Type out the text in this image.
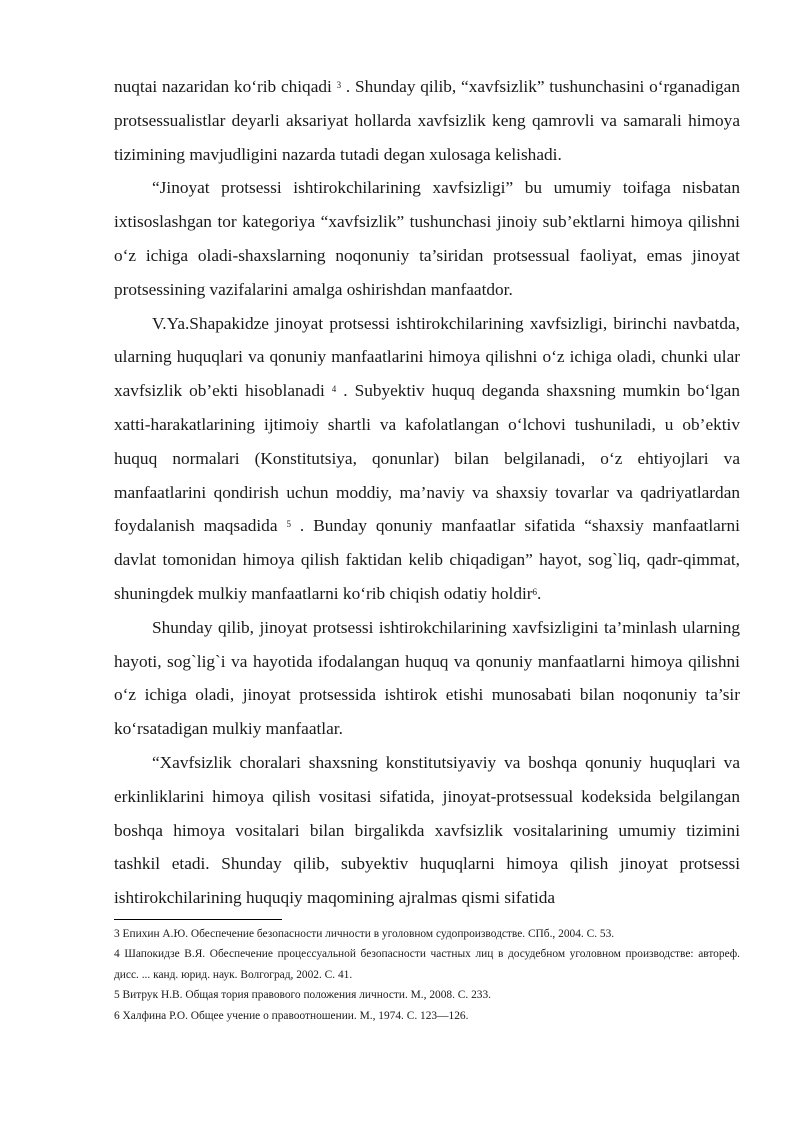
nuqtai nazaridan ko‘rib chiqadi $^3$ . Shunday qilib, “xavfsizlik” tushunchasini o‘rganadigan protsessualistlar deyarli aksariyat hollarda xavfsizlik keng qamrovli va samarali himoya tizimining mavjudligini nazarda tutadi degan xulosaga kelishadi.

“Jinoyat protsessi ishtirokchilarining xavfsizligi” bu umumiy toifaga nisbatan ixtisoslashgan tor kategoriya “xavfsizlik” tushunchasi jinoiy sub’ektlarni himoya qilishni o‘z ichiga oladi-shaxslarning noqonuniy ta’siridan protsessual faoliyat, emas jinoyat protsessining vazifalarini amalga oshirishdan manfaatdor.

V.Ya.Shapakidze jinoyat protsessi ishtirokchilarining xavfsizligi, birinchi navbatda, ularning huquqlari va qonuniy manfaatlarini himoya qilishni o‘z ichiga oladi, chunki ular xavfsizlik ob’ekti hisoblanadi $^4$ . Subyektiv huquq deganda shaxsning mumkin bo‘lgan xatti-harakatlarining ijtimoiy shartli va kafolatlangan o‘lchovi tushuniladi, u ob’ektiv huquq normalari (Konstitutsiya, qonunlar) bilan belgilanadi, o‘z ehtiyojlari va manfaatlarini qondirish uchun moddiy, ma’naviy va shaxsiy tovarlar va qadriyatlardan foydalanish maqsadida $^5$ . Bunday qonuniy manfaatlar sifatida “shaxsiy manfaatlarni davlat tomonidan himoya qilish faktidan kelib chiqadigan” hayot, sog`liq, qadr-qimmat, shuningdek mulkiy manfaatlarni ko‘rib chiqish odatiy holdir$^6$.

Shunday qilib, jinoyat protsessi ishtirokchilarining xavfsizligini ta’minlash ularning hayoti, sog`lig`i va hayotida ifodalangan huquq va qonuniy manfaatlarni himoya qilishni o‘z ichiga oladi, jinoyat protsessida ishtirok etishi munosabati bilan noqonuniy ta’sir ko‘rsatadigan mulkiy manfaatlar.

“Xavfsizlik choralari shaxsning konstitutsiyaviy va boshqa qonuniy huquqlari va erkinliklarini himoya qilish vositasi sifatida, jinoyat-protsessual kodeksida belgilangan boshqa himoya vositalari bilan birgalikda xavfsizlik vositalarining umumiy tizimini tashkil etadi. Shunday qilib, subyektiv huquqlarni himoya qilish jinoyat protsessi ishtirokchilarining huquqiy maqomining ajralmas qismi sifatida

3 Епихин А.Ю. Обеспечение безопасности личности в уголовном судопроизводстве. СПб., 2004. С. 53.

4 Шапокидзе В.Я. Обеспечение процессуальной безопасности частных лиц в досудебном уголовном производстве: автореф. дисс. ... канд. юрид. наук. Волгоград, 2002. С. 41.

5 Витрук Н.В. Общая тория правового положения личности. М., 2008. С. 233.

6 Халфина Р.О. Общее учение о правоотношении. М., 1974. С. 123—126.
